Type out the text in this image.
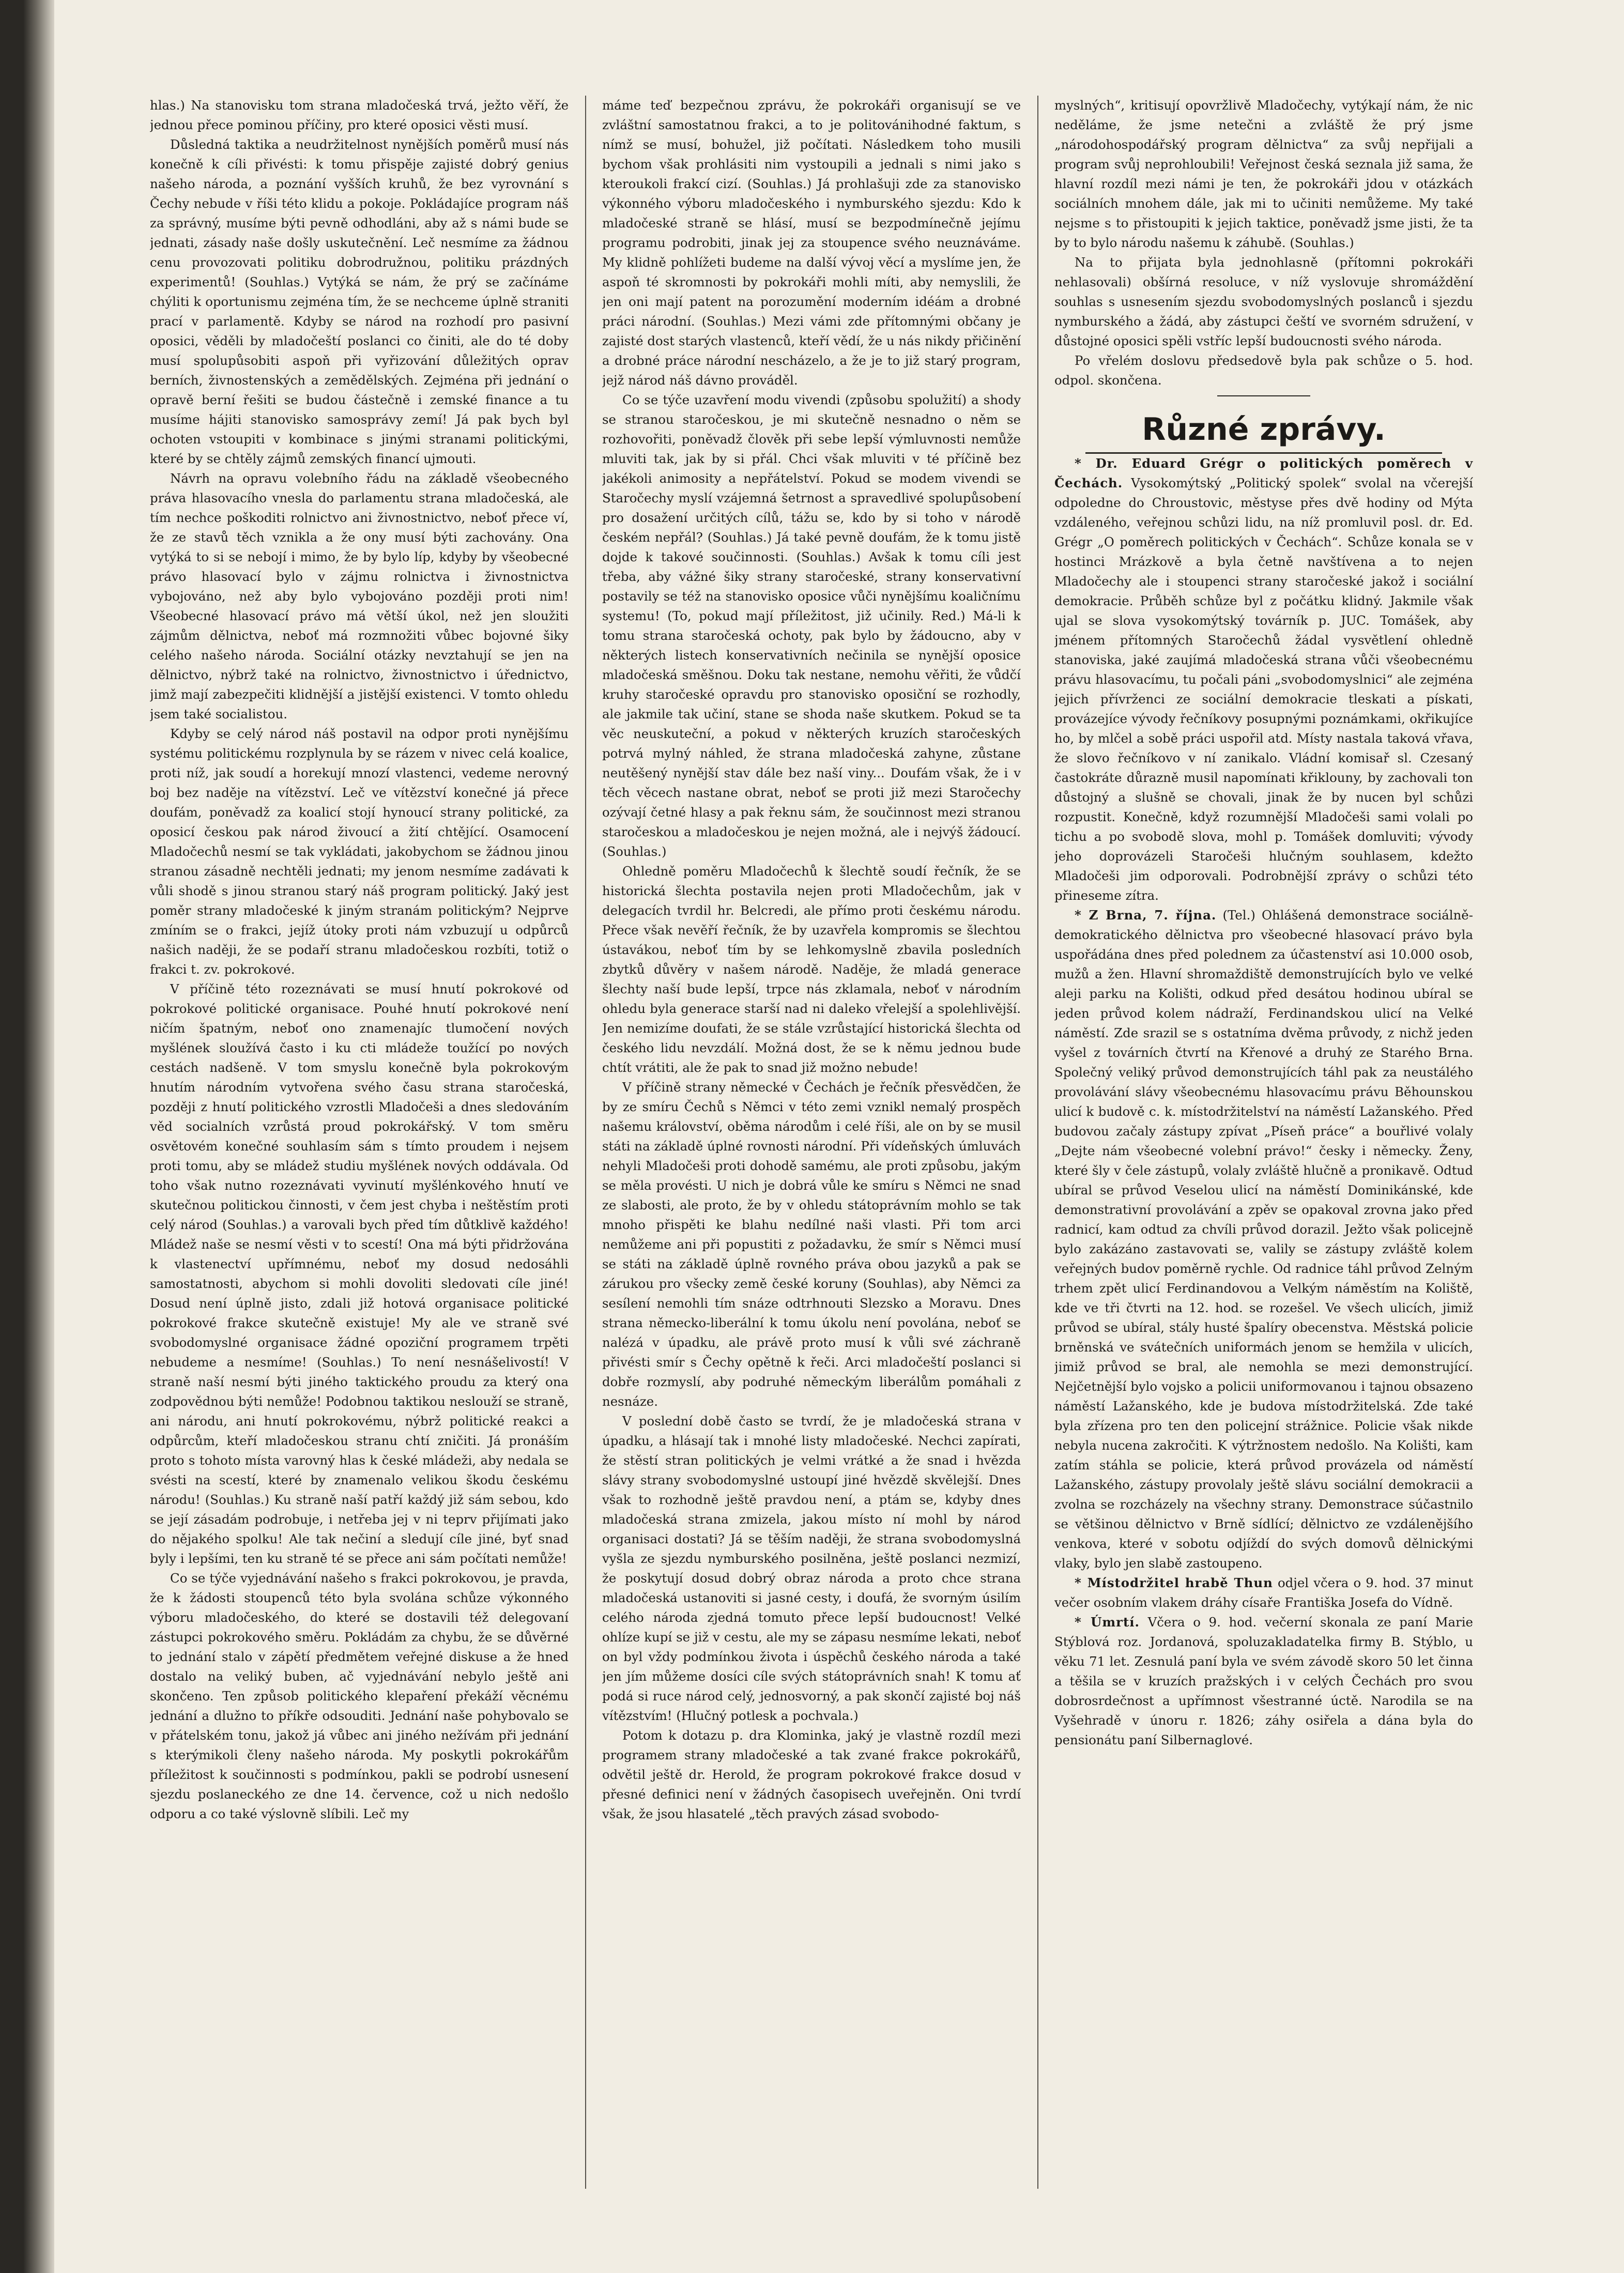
hlas.) Na stanovisku tom strana mladočeská trvá, ježto věří, že jednou přece pominou příčiny, pro které oposici věsti musí.

Důsledná taktika a neudržitelnost nynějších poměrů musí nás konečně k cíli přivésti: k tomu přispěje zajisté dobrý genius našeho národa, a poznání vyšších kruhů, že bez vyrovnání s Čechy nebude v říši této klidu a pokoje. Pokládajíce program náš za správný, musíme býti pevně odhodláni, aby až s námi bude se jednati, zásady naše došly uskutečnění. Leč nesmíme za žádnou cenu provozovati politiku dobrodružnou, politiku prázdných experimentů! (Souhlas.) Vytýká se nám, že prý se začínáme chýliti k oportunismu zejména tím, že se nechceme úplně straniti prací v parlamentě. Kdyby se národ na rozhodí pro pasivní oposici, věděli by mladočeští poslanci co činiti, ale do té doby musí spolupůsobiti aspoň při vyřizování důležitých oprav berních, živnostenských a zemědělských. Zejména při jednání o opravě berní řešiti se budou částečně i zemské finance a tu musíme hájiti stanovisko samosprávy zemí! Já pak bych byl ochoten vstoupiti v kombinace s jinými stranami politickými, které by se chtěly zájmů zemských financí ujmouti.

Návrh na opravu volebního řádu na základě všeobecného práva hlasovacího vnesla do parlamentu strana mladočeská, ale tím nechce poškoditi rolnictvo ani živnostnictvo, neboť přece ví, že ze stavů těch vznikla a že ony musí býti zachovány. Ona vytýká to si se nebojí i mimo, že by bylo líp, kdyby by všeobecné právo hlasovací bylo v zájmu rolnictva i živnostnictva vybojováno, než aby bylo vybojováno později proti nim! Všeobecné hlasovací právo má větší úkol, než jen sloužiti zájmům dělnictva, neboť má rozmnožiti vůbec bojovné šiky celého našeho národa. Sociální otázky nevztahují se jen na dělnictvo, nýbrž také na rolnictvo, živnostnictvo i úřednictvo, jimž mají zabezpečiti klidnější a jistější existenci. V tomto ohledu jsem také socialistou.

Kdyby se celý národ náš postavil na odpor proti nynějšímu systému politickému rozplynula by se rázem v nivec celá koalice, proti níž, jak soudí a horekují mnozí vlastenci, vedeme nerovný boj bez naděje na vítězství. Leč ve vítězství konečné já přece doufám, poněvadž za koalicí stojí hynoucí strany politické, za oposicí českou pak národ živoucí a žití chtějící. Osamocení Mladočechů nesmí se tak vykládati, jakobychom se žádnou jinou stranou zásadně nechtěli jednati; my jenom nesmíme zadávati k vůli shodě s jinou stranou starý náš program politický. Jaký jest poměr strany mladočeské k jiným stranám politickým? Nejprve zmíním se o frakci, jejíž útoky proti nám vzbuzují u odpůrců našich naději, že se podaří stranu mladočeskou rozbíti, totiž o frakci t. zv. pokrokové.

V příčině této rozeznávati se musí hnutí pokrokové od pokrokové politické organisace. Pouhé hnutí pokrokové není ničím špatným, neboť ono znamenajíc tlumočení nových myšlének sloužívá často i ku cti mládeže toužící po nových cestách nadšeně. V tom smyslu konečně byla pokrokovým hnutím národním vytvořena svého času strana staročeská, později z hnutí politického vzrostli Mladočeši a dnes sledováním věd socialních vzrůstá proud pokrokářský. V tom směru osvětovém konečné souhlasím sám s tímto proudem i nejsem proti tomu, aby se mládež studiu myšlének nových oddávala. Od toho však nutno rozeznávati vyvinutí myšlénkového hnutí ve skutečnou politickou činnosti, v čem jest chyba i neštěstím proti celý národ (Souhlas.) a varovali bych před tím důtklivě každého! Mládež naše se nesmí věsti v to scestí! Ona má býti přidržována k vlastenectví upřímnému, neboť my dosud nedosáhli samostatnosti, abychom si mohli dovoliti sledovati cíle jiné! Dosud není úplně jisto, zdali již hotová organisace politické pokrokové frakce skutečně existuje! My ale ve straně své svobodomyslné organisace žádné opoziční programem trpěti nebudeme a nesmíme! (Souhlas.) To není nesnášelivostí! V straně naší nesmí býti jiného taktického proudu za který ona zodpovědnou býti nemůže! Podobnou taktikou neslouží se straně, ani národu, ani hnutí pokrokovému, nýbrž politické reakci a odpůrcům, kteří mladočeskou stranu chtí zničiti. Já pronáším proto s tohoto místa varovný hlas k české mládeži, aby nedala se svésti na scestí, které by znamenalo velikou škodu českému národu! (Souhlas.) Ku straně naší patří každý již sám sebou, kdo se její zásadám podrobuje, i netřeba jej v ni teprv přijímati jako do nějakého spolku! Ale tak nečiní a sledují cíle jiné, byť snad byly i lepšími, ten ku straně té se přece ani sám počítati nemůže!

Co se týče vyjednávání našeho s frakci pokrokovou, je pravda, že k žádosti stoupenců této byla svolána schůze výkonného výboru mladočeského, do které se dostavili též delegovaní zástupci pokrokového směru. Pokládám za chybu, že se důvěrné to jednání stalo v zápětí předmětem veřejné diskuse a že hned dostalo na veliký buben, ač vyjednávání nebylo ještě ani skončeno. Ten způsob politického klepaření překáží věcnému jednání a dlužno to příkře odsouditi. Jednání naše pohybovalo se v přátelském tonu, jakož já vůbec ani jiného nežívám při jednání s kterýmikoli členy našeho národa. My poskytli pokrokářům příležitost k součinnosti s podmínkou, pakli se podrobí usnesení sjezdu poslaneckého ze dne 14. července, což u nich nedošlo odporu a co také výslovně slíbili. Leč my

máme teď bezpečnou zprávu, že pokrokáři organisují se ve zvláštní samostatnou frakci, a to je politovánihodné faktum, s nímž se musí, bohužel, již počítati. Následkem toho musili bychom však prohlásiti nim vystoupili a jednali s nimi jako s kteroukoli frakcí cizí. (Souhlas.) Já prohlašuji zde za stanovisko výkonného výboru mladočeského i nymburského sjezdu: Kdo k mladočeské straně se hlásí, musí se bezpodmínečně jejímu programu podrobiti, jinak jej za stoupence svého neuznáváme. My klidně pohlížeti budeme na další vývoj věcí a myslíme jen, že aspoň té skromnosti by pokrokáři mohli míti, aby nemyslili, že jen oni mají patent na porozumění moderním idéám a drobné práci národní. (Souhlas.) Mezi vámi zde přítomnými občany je zajisté dost starých vlastenců, kteří vědí, že u nás nikdy přičinění a drobné práce národní nescházelo, a že je to již starý program, jejž národ náš dávno prováděl.

Co se týče uzavření modu vivendi (způsobu spolužití) a shody se stranou staročeskou, je mi skutečně nesnadno o něm se rozhovořiti, poněvadž člověk při sebe lepší výmluvnosti nemůže mluviti tak, jak by si přál. Chci však mluviti v té příčině bez jakékoli animosity a nepřátelství. Pokud se modem vivendi se Staročechy myslí vzájemná šetrnost a spravedlivé spolupůsobení pro dosažení určitých cílů, tážu se, kdo by si toho v národě českém nepřál? (Souhlas.) Já také pevně doufám, že k tomu jistě dojde k takové součinnosti. (Souhlas.) Avšak k tomu cíli jest třeba, aby vážné šiky strany staročeské, strany konservativní postavily se též na stanovisko oposice vůči nynějšímu koaličnímu systemu! (To, pokud mají příležitost, již učinily. Red.) Má-li k tomu strana staročeská ochoty, pak bylo by žádoucno, aby v některých listech konservativních nečinila se nynější oposice mladočeská směšnou. Doku tak nestane, nemohu věřiti, že vůdčí kruhy staročeské opravdu pro stanovisko oposiční se rozhodly, ale jakmile tak učiní, stane se shoda naše skutkem. Pokud se ta věc neuskuteční, a pokud v některých kruzích staročeských potrvá mylný náhled, že strana mladočeská zahyne, zůstane neutěšený nynější stav dále bez naší viny... Doufám však, že i v těch věcech nastane obrat, neboť se proti již mezi Staročechy ozývají četné hlasy a pak řeknu sám, že součinnost mezi stranou staročeskou a mladočeskou je nejen možná, ale i nejvýš žádoucí. (Souhlas.)

Ohledně poměru Mladočechů k šlechtě soudí řečník, že se historická šlechta postavila nejen proti Mladočechům, jak v delegacích tvrdil hr. Belcredi, ale přímo proti českému národu. Přece však nevěří řečník, že by uzavřela kompromis se šlechtou ústavákou, neboť tím by se lehkomyslně zbavila posledních zbytků důvěry v našem národě. Naděje, že mladá generace šlechty naší bude lepší, trpce nás zklamala, neboť v národním ohledu byla generace starší nad ni daleko vřelejší a spolehlivější. Jen nemizíme doufati, že se stále vzrůstající historická šlechta od českého lidu nevzdálí. Možná dost, že se k němu jednou bude chtít vrátiti, ale že pak to snad již možno nebude!

V příčině strany německé v Čechách je řečník přesvědčen, že by ze smíru Čechů s Němci v této zemi vznikl nemalý prospěch našemu království, oběma národům i celé říši, ale on by se musil státi na základě úplné rovnosti národní. Při vídeňských úmluvách nehyli Mladočeši proti dohodě samému, ale proti způsobu, jakým se měla provésti. U nich je dobrá vůle ke smíru s Němci ne snad ze slabosti, ale proto, že by v ohledu státoprávním mohlo se tak mnoho přispěti ke blahu nedílné naši vlasti. Při tom arci nemůžeme ani při popustiti z požadavku, že smír s Němci musí se státi na základě úplně rovného práva obou jazyků a pak se zárukou pro všecky země české koruny (Souhlas), aby Němci za sesílení nemohli tím snáze odtrhnouti Slezsko a Moravu. Dnes strana německo-liberální k tomu úkolu není povolána, neboť se nalézá v úpadku, ale právě proto musí k vůli své záchraně přivésti smír s Čechy opětně k řeči. Arci mladočeští poslanci si dobře rozmyslí, aby podruhé německým liberálům pomáhali z nesnáze.

V poslední době často se tvrdí, že je mladočeská strana v úpadku, a hlásají tak i mnohé listy mladočeské. Nechci zapírati, že stěstí stran politických je velmi vrátké a že snad i hvězda slávy strany svobodomyslné ustoupí jiné hvězdě skvělejší. Dnes však to rozhodně ještě pravdou není, a ptám se, kdyby dnes mladočeská strana zmizela, jakou místo ní mohl by národ organisaci dostati? Já se těším naději, že strana svobodomyslná vyšla ze sjezdu nymburského posilněna, ještě poslanci nezmizí, že poskytují dosud dobrý obraz národa a proto chce strana mladočeská ustanoviti si jasné cesty, i doufá, že svorným úsilím celého národa zjedná tomuto přece lepší budoucnost! Velké ohlíze kupí se již v cestu, ale my se zápasu nesmíme lekati, neboť on byl vždy podmínkou života i úspěchů českého národa a také jen jím můžeme dosíci cíle svých státoprávních snah! K tomu ať podá si ruce národ celý, jednosvorný, a pak skončí zajisté boj náš vítězstvím! (Hlučný potlesk a pochvala.)

Potom k dotazu p. dra Klominka, jaký je vlastně rozdíl mezi programem strany mladočeské a tak zvané frakce pokrokářů, odvětil ještě dr. Herold, že program pokrokové frakce dosud v přesné definici není v žádných časopisech uveřejněn. Oni tvrdí však, že jsou hlasatelé „těch pravých zásad svobodo-

myslných“, kritisují opovržlivě Mladočechy, vytýkají nám, že nic neděláme, že jsme netečni a zvláště že prý jsme „národohospodářský program dělnictva“ za svůj nepřijali a program svůj neprohloubili! Veřejnost česká seznala již sama, že hlavní rozdíl mezi námi je ten, že pokrokáři jdou v otázkách sociálních mnohem dále, jak mi to učiniti nemůžeme. My také nejsme s to přistoupiti k jejich taktice, poněvadž jsme jisti, že ta by to bylo národu našemu k záhubě. (Souhlas.)

Na to přijata byla jednohlasně (přítomni pokrokáři nehlasovali) obšírná resoluce, v níž vyslovuje shromáždění souhlas s usnesením sjezdu svobodomyslných poslanců i sjezdu nymburského a žádá, aby zástupci čeští ve svorném sdružení, v důstojné oposici spěli vstříc lepší budoucnosti svého národa.

Po vřelém doslovu předsedově byla pak schůze o 5. hod. odpol. skončena.

Různé zprávy.

* Dr. Eduard Grégr o politických poměrech v Čechách. Vysokomýtský „Politický spolek“ svolal na včerejší odpoledne do Chroustovic, městyse přes dvě hodiny od Mýta vzdáleného, veřejnou schůzi lidu, na níž promluvil posl. dr. Ed. Grégr „O poměrech politických v Čechách“. Schůze konala se v hostinci Mrázkově a byla četně navštívena a to nejen Mladočechy ale i stoupenci strany staročeské jakož i sociální demokracie. Průběh schůze byl z počátku klidný. Jakmile však ujal se slova vysokomýtský továrník p. JUC. Tomášek, aby jménem přítomných Staročechů žádal vysvětlení ohledně stanoviska, jaké zaujímá mladočeská strana vůči všeobecnému právu hlasovacímu, tu počali páni „svobodomyslnici“ ale zejména jejich přívrženci ze sociální demokracie tleskati a pískati, provázejíce vývody řečníkovy posupnými poznámkami, okřikujíce ho, by mlčel a sobě práci uspořil atd. Místy nastala taková vřava, že slovo řečníkovo v ní zanikalo. Vládní komisař sl. Czesaný častokráte důrazně musil napomínati křiklouny, by zachovali ton důstojný a slušně se chovali, jinak že by nucen byl schůzi rozpustit. Konečně, když rozumnější Mladočeši sami volali po tichu a po svobodě slova, mohl p. Tomášek domluviti; vývody jeho doprovázeli Staročeši hlučným souhlasem, kdežto Mladočeši jim odporovali. Podrobnější zprávy o schůzi této přineseme zítra.

* Z Brna, 7. října. (Tel.) Ohlášená demonstrace sociálně-demokratického dělnictva pro všeobecné hlasovací právo byla uspořádána dnes před polednem za účastenství asi 10.000 osob, mužů a žen. Hlavní shromaždiště demonstrujících bylo ve velké aleji parku na Kolišti, odkud před desátou hodinou ubíral se jeden průvod kolem nádraží, Ferdinandskou ulicí na Velké náměstí. Zde srazil se s ostatníma dvěma průvody, z nichž jeden vyšel z továrních čtvrtí na Křenové a druhý ze Starého Brna. Společný veliký průvod demonstrujících táhl pak za neustálého provolávání slávy všeobecnému hlasovacímu právu Běhounskou ulicí k budově c. k. místodržitelství na náměstí Lažanského. Před budovou začaly zástupy zpívat „Píseň práce“ a bouřlivé volaly „Dejte nám všeobecné volební právo!“ česky i německy. Ženy, které šly v čele zástupů, volaly zvláště hlučně a pronikavě. Odtud ubíral se průvod Veselou ulicí na náměstí Dominikánské, kde demonstrativní provolávání a zpěv se opakoval zrovna jako před radnicí, kam odtud za chvíli průvod dorazil. Ježto však policejně bylo zakázáno zastavovati se, valily se zástupy zvláště kolem veřejných budov poměrně rychle. Od radnice táhl průvod Zelným trhem zpět ulicí Ferdinandovou a Velkým náměstím na Koliště, kde ve tři čtvrti na 12. hod. se rozešel. Ve všech ulicích, jimiž průvod se ubíral, stály husté špalíry obecenstva. Městská policie brněnská ve svátečních uniformách jenom se hemžila v ulicích, jimiž průvod se bral, ale nemohla se mezi demonstrující. Nejčetnější bylo vojsko a policii uniformovanou i tajnou obsazeno náměstí Lažanského, kde je budova místodržitelská. Zde také byla zřízena pro ten den policejní strážnice. Policie však nikde nebyla nucena zakročiti. K výtržnostem nedošlo. Na Kolišti, kam zatím stáhla se policie, která průvod provázela od náměstí Lažanského, zástupy provolaly ještě slávu sociální demokracii a zvolna se rozcházely na všechny strany. Demonstrace súčastnilo se většinou dělnictvo v Brně sídlící; dělnictvo ze vzdálenějšího venkova, které v sobotu odjíždí do svých domovů dělnickými vlaky, bylo jen slabě zastoupeno.

* Místodržitel hrabě Thun odjel včera o 9. hod. 37 minut večer osobním vlakem dráhy císaře Františka Josefa do Vídně.

* Úmrtí. Včera o 9. hod. večerní skonala ze paní Marie Stýblová roz. Jordanová, spoluzakladatelka firmy B. Stýblo, u věku 71 let. Zesnulá paní byla ve svém závodě skoro 50 let činna a těšila se v kruzích pražských i v celých Čechách pro svou dobrosrdečnost a upřímnost všestranné úctě. Narodila se na Vyšehradě v únoru r. 1826; záhy osiřela a dána byla do pensionátu paní Silbernaglové.
